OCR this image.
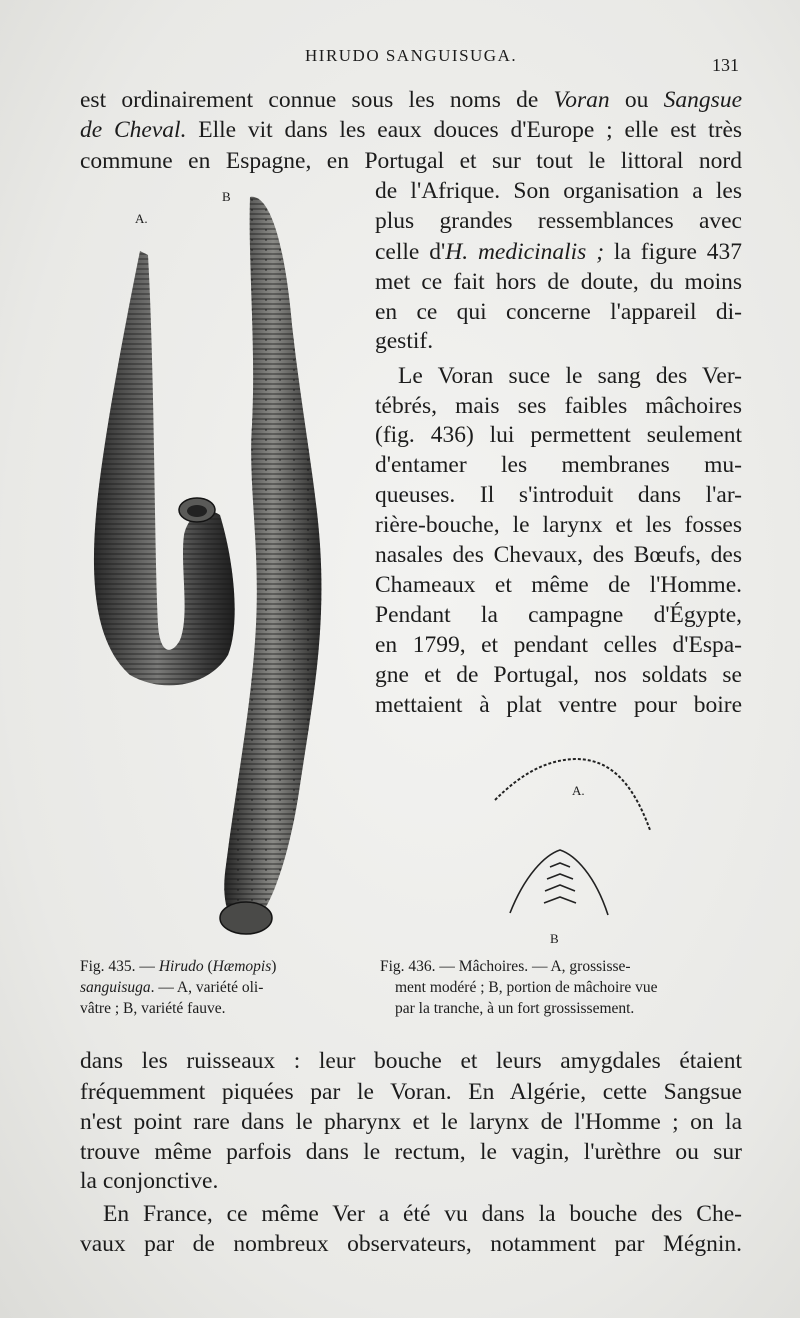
HIRUDO SANGUISUGA.	131
est ordinairement connue sous les noms de Voran ou Sangsue
de Cheval. Elle vit dans les eaux douces d'Europe ; elle est très
commune en Espagne, en Portugal et sur tout le littoral nord
de l'Afrique. Son organisation a les
plus grandes ressemblances avec
celle d'H. medicinalis ; la figure 437
met ce fait hors de doute, du moins
en ce qui concerne l'appareil di-
gestif.
Le Voran suce le sang des Ver-
tébrés, mais ses faibles mâchoires
(fig. 436) lui permettent seulement
d'entamer les membranes mu-
queuses. Il s'introduit dans l'ar-
rière-bouche, le larynx et les fosses
nasales des Chevaux, des Bœufs, des
Chameaux et même de l'Homme.
Pendant la campagne d'Égypte,
en 1799, et pendant celles d'Espa-
gne et de Portugal, nos soldats se
mettaient à plat ventre pour boire
A.
B
A.
B
Fig. 435. — Hirudo (Hæmopis)
sanguisuga. — A, variété oli-
vâtre ; B, variété fauve.
Fig. 436. — Mâchoires. — A, grossisse-
ment modéré ; B, portion de mâchoire vue
par la tranche, à un fort grossissement.
dans les ruisseaux : leur bouche et leurs amygdales étaient
fréquemment piquées par le Voran. En Algérie, cette Sangsue
n'est point rare dans le pharynx et le larynx de l'Homme ; on la
trouve même parfois dans le rectum, le vagin, l'urèthre ou sur
la conjonctive.
En France, ce même Ver a été vu dans la bouche des Che-
vaux par de nombreux observateurs, notamment par Mégnin.
